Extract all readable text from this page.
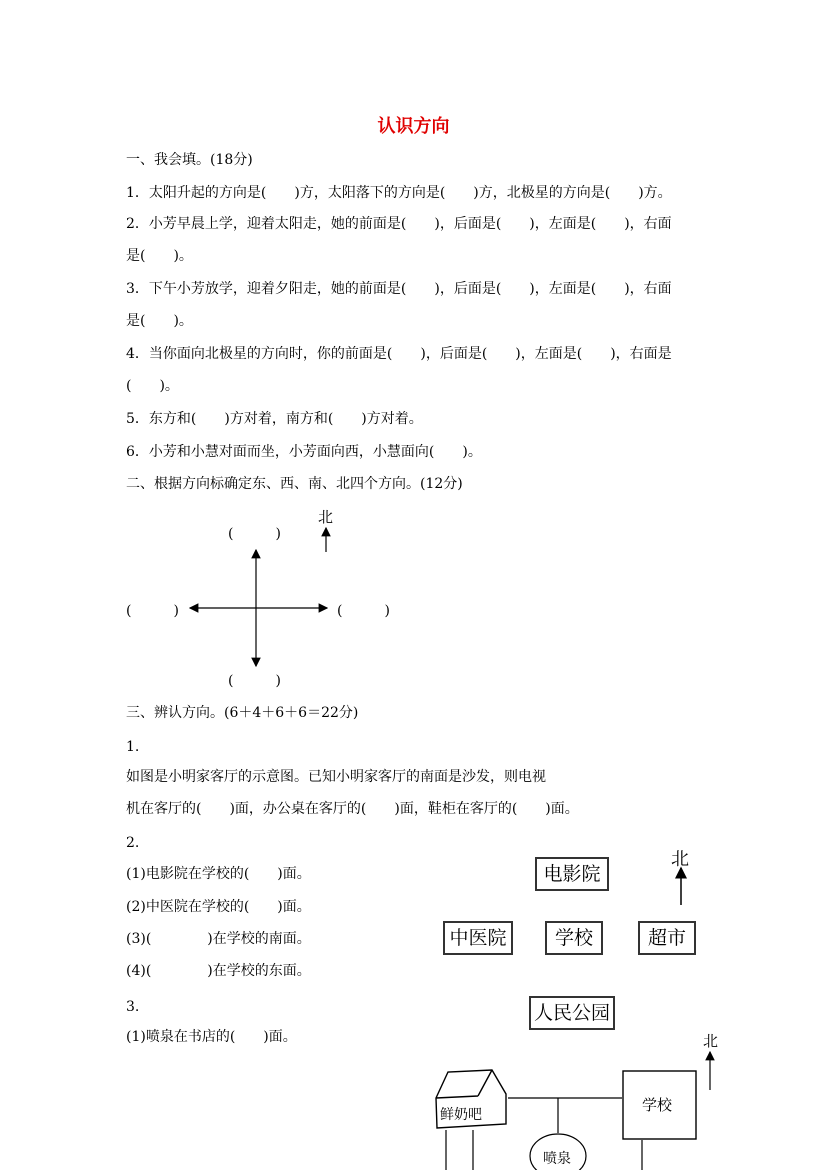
认识方向
一、我会填。(18分)
1．太阳升起的方向是(　　)方，太阳落下的方向是(　　)方，北极星的方向是(　　)方。
2．小芳早晨上学，迎着太阳走，她的前面是(　　)，后面是(　　)，左面是(　　)，右面
是(　　)。
3．下午小芳放学，迎着夕阳走，她的前面是(　　)，后面是(　　)，左面是(　　)，右面
是(　　)。
4．当你面向北极星的方向时，你的前面是(　　)，后面是(　　)，左面是(　　)，右面是
(　　)。
5．东方和(　　)方对着，南方和(　　)方对着。
6．小芳和小慧对面而坐，小芳面向西，小慧面向(　　)。
二、根据方向标确定东、西、南、北四个方向。(12分)
北
(　　　)
(　　　)	(　　　)
(　　　)
三、辨认方向。(6＋4＋6＋6＝22分)
1.
如图是小明家客厅的示意图。已知小明家客厅的南面是沙发，则电视
机在客厅的(　　)面，办公桌在客厅的(　　)面，鞋柜在客厅的(　　)面。
2.
(1)电影院在学校的(　　)面。
(2)中医院在学校的(　　)面。
(3)(　　　　)在学校的南面。
(4)(　　　　)在学校的东面。
3.
(1)喷泉在书店的(　　)面。
北
电影院
中医院	学校	超市
人民公园
北
鲜奶吧
学校
喷泉
